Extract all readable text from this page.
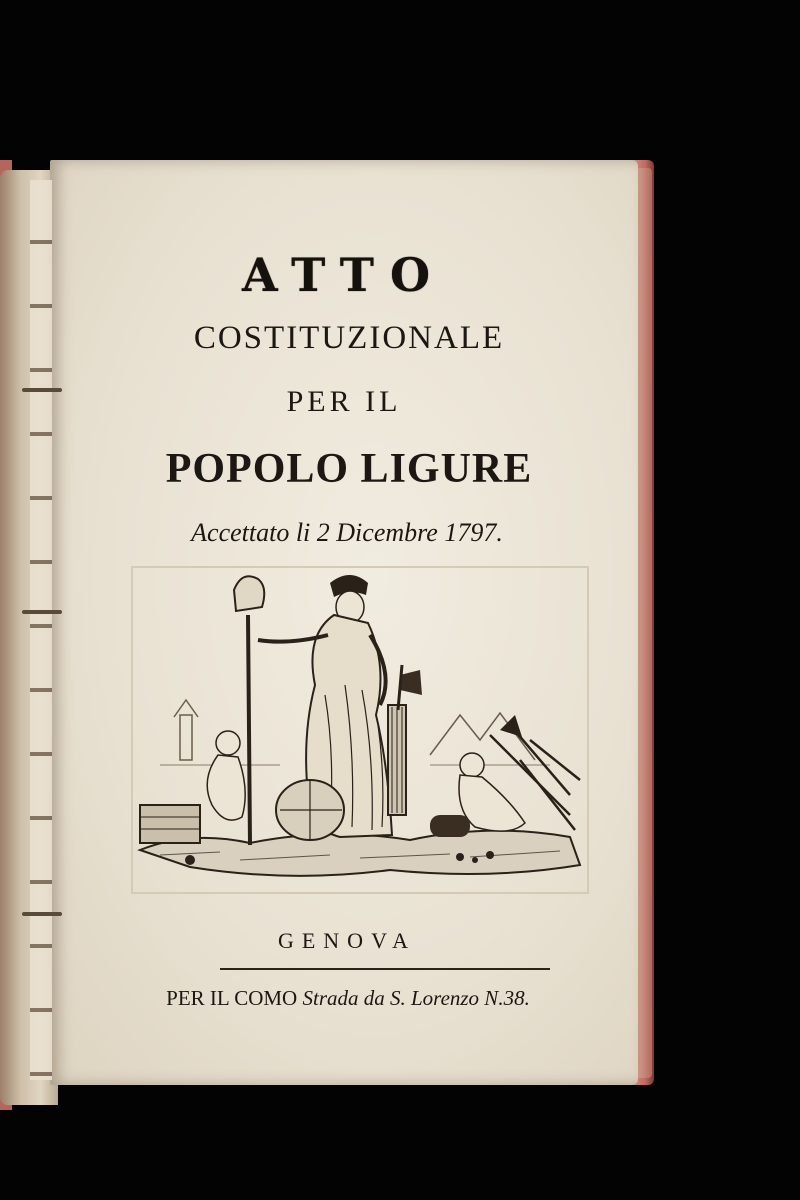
ATTO
COSTITUZIONALE
PER IL
POPOLO LIGURE
Accettato li 2 Dicembre 1797.
GENOVA
PER IL COMO Strada da S. Lorenzo N.38.
